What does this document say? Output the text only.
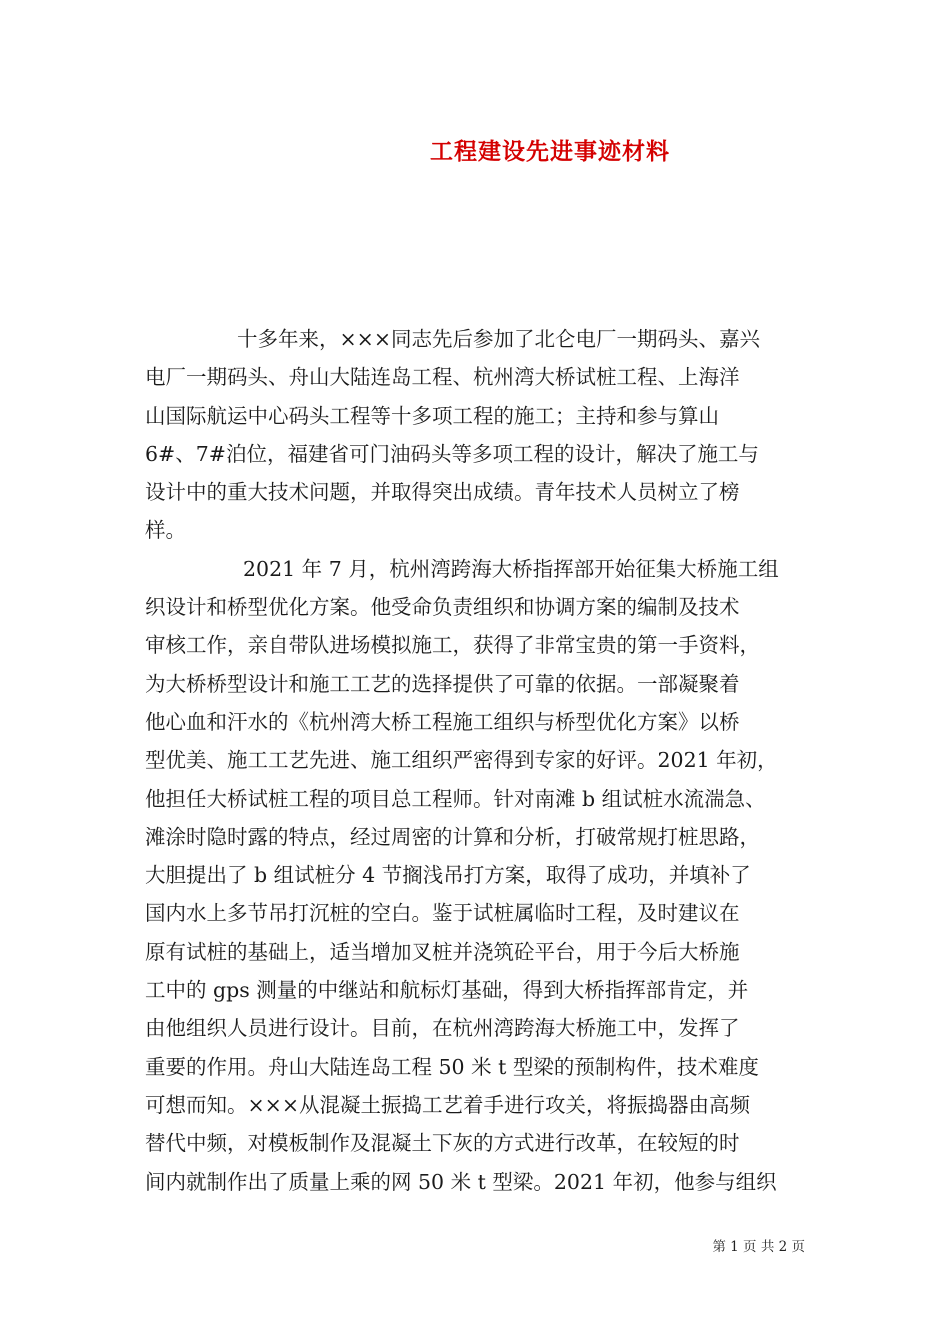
工程建设先进事迹材料
十多年来，×××同志先后参加了北仑电厂一期码头、嘉兴
电厂一期码头、舟山大陆连岛工程、杭州湾大桥试桩工程、上海洋
山国际航运中心码头工程等十多项工程的施工；主持和参与算山
6#、7#泊位，福建省可门油码头等多项工程的设计，解决了施工与
设计中的重大技术问题，并取得突出成绩。青年技术人员树立了榜
样。
2021 年 7 月，杭州湾跨海大桥指挥部开始征集大桥施工组
织设计和桥型优化方案。他受命负责组织和协调方案的编制及技术
审核工作，亲自带队进场模拟施工，获得了非常宝贵的第一手资料，
为大桥桥型设计和施工工艺的选择提供了可靠的依据。一部凝聚着
他心血和汗水的《杭州湾大桥工程施工组织与桥型优化方案》以桥
型优美、施工工艺先进、施工组织严密得到专家的好评。2021 年初，
他担任大桥试桩工程的项目总工程师。针对南滩 b 组试桩水流湍急、
滩涂时隐时露的特点，经过周密的计算和分析，打破常规打桩思路，
大胆提出了 b 组试桩分 4 节搁浅吊打方案，取得了成功，并填补了
国内水上多节吊打沉桩的空白。鉴于试桩属临时工程，及时建议在
原有试桩的基础上，适当增加叉桩并浇筑砼平台，用于今后大桥施
工中的 gps 测量的中继站和航标灯基础，得到大桥指挥部肯定，并
由他组织人员进行设计。目前，在杭州湾跨海大桥施工中，发挥了
重要的作用。舟山大陆连岛工程 50 米 t 型梁的预制构件，技术难度
可想而知。×××从混凝土振捣工艺着手进行攻关，将振捣器由高频
替代中频，对模板制作及混凝土下灰的方式进行改革，在较短的时
间内就制作出了质量上乘的网 50 米 t 型梁。2021 年初，他参与组织
第 1 页 共 2 页
